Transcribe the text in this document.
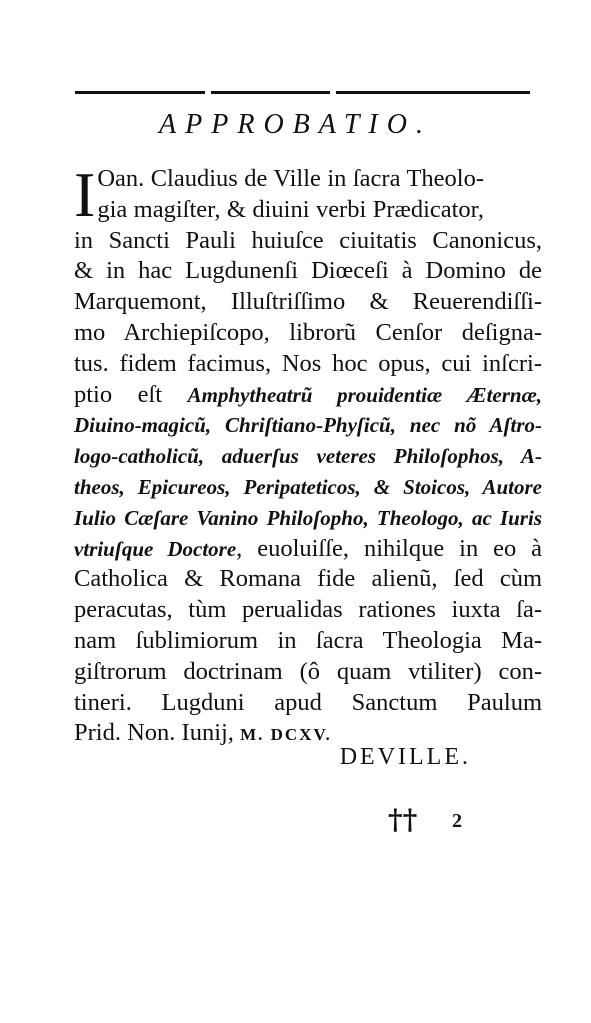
APPROBATIO.
I Oan. Claudius de Ville in ſacra Theolo-
gia magiſter, & diuini verbi Prædicator,
in Sancti Pauli huiuſce ciuitatis Canonicus,
& in hac Lugdunenſi Diœceſi à Domino de
Marquemont, Illuſtriſſimo & Reuerendiſſi-
mo Archiepiſcopo, librorũ Cenſor deſigna-
tus. fidem facimus, Nos hoc opus, cui inſcri-
ptio eſt Amphytheatrũ prouidentiæ Æternæ,
Diuino-magicũ, Chriſtiano-Phyſicũ, nec nõ Aſtro-
logo-catholicũ, aduerſus veteres Philoſophos, A-
theos, Epicureos, Peripateticos, & Stoicos, Autore
Iulio Cæſare Vanino Philoſopho, Theologo, ac Iuris
vtriuſque Doctore, euoluiſſe, nihilque in eo à
Catholica & Romana fide alienũ, ſed cùm
peracutas, tùm perualidas rationes iuxta ſa-
nam ſublimiorum in ſacra Theologia Ma-
giſtrorum doctrinam (ô quam vtiliter) con-
tineri. Lugduni apud Sanctum Paulum
Prid. Non. Iunij, M. DCXV.
DEVILLE.
†† 2
